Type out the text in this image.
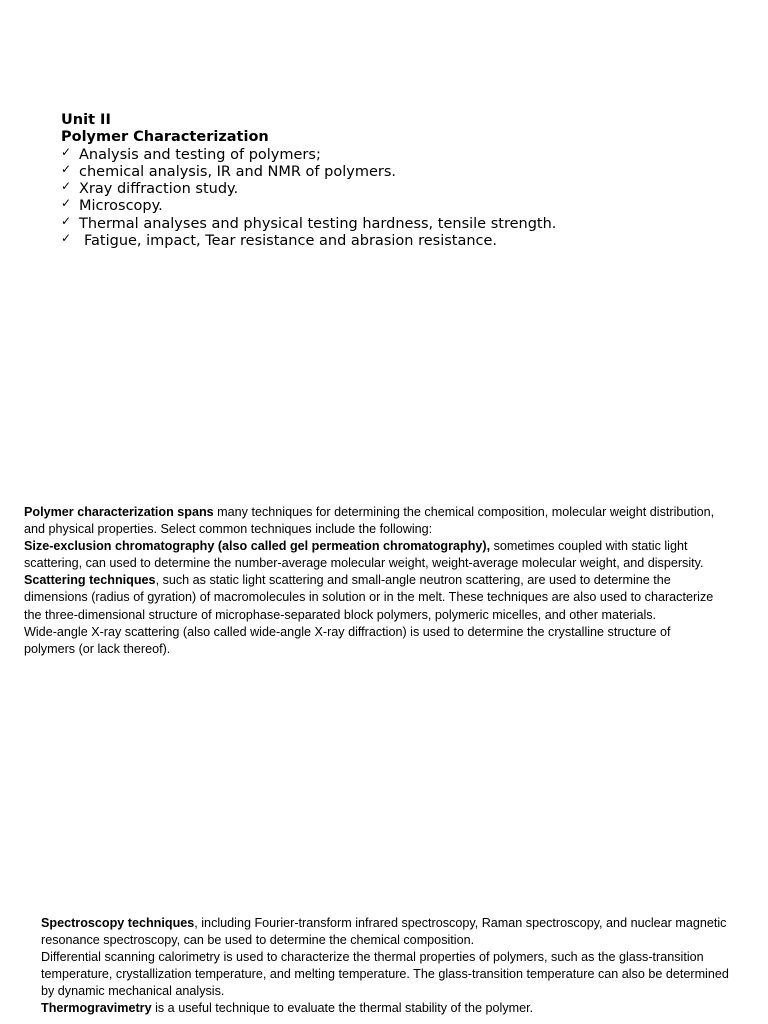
Unit II

Polymer Characterization

✓ Analysis and testing of polymers;
✓ chemical analysis, IR and NMR of polymers.
✓ Xray diffraction study.
✓ Microscopy.
✓ Thermal analyses and physical testing hardness, tensile strength.
✓ Fatigue, impact, Tear resistance and abrasion resistance.

Polymer characterization spans many techniques for determining the chemical composition, molecular weight distribution, and physical properties. Select common techniques include the following:

Size-exclusion chromatography (also called gel permeation chromatography), sometimes coupled with static light scattering, can used to determine the number-average molecular weight, weight-average molecular weight, and dispersity.

Scattering techniques, such as static light scattering and small-angle neutron scattering, are used to determine the dimensions (radius of gyration) of macromolecules in solution or in the melt. These techniques are also used to characterize the three-dimensional structure of microphase-separated block polymers, polymeric micelles, and other materials.

Wide-angle X-ray scattering (also called wide-angle X-ray diffraction) is used to determine the crystalline structure of polymers (or lack thereof).

Spectroscopy techniques, including Fourier-transform infrared spectroscopy, Raman spectroscopy, and nuclear magnetic resonance spectroscopy, can be used to determine the chemical composition.

Differential scanning calorimetry is used to characterize the thermal properties of polymers, such as the glass-transition temperature, crystallization temperature, and melting temperature. The glass-transition temperature can also be determined by dynamic mechanical analysis.

Thermogravimetry is a useful technique to evaluate the thermal stability of the polymer.
